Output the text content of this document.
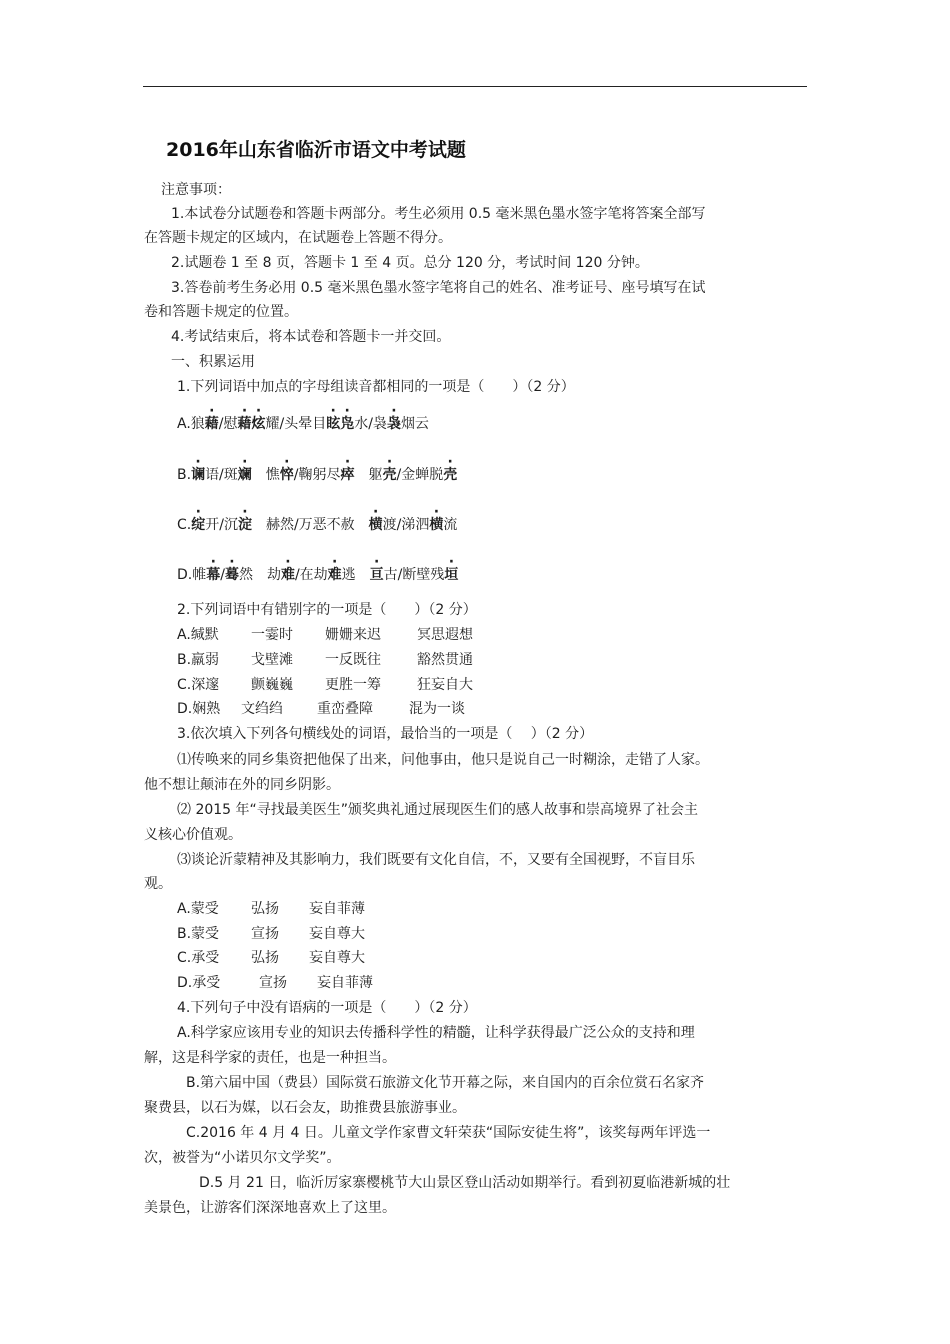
2016年山东省临沂市语文中考试题
注意事项：
1.本试卷分试题卷和答题卡两部分。考生必须用 0.5 毫米黑色墨水签字笔将答案全部写
在答题卡规定的区域内，在试题卷上答题不得分。
2.试题卷 1 至 8 页，答题卡 1 至 4 页。总分 120 分，考试时间 120 分钟。
3.答卷前考生务必用 0.5 毫米黑色墨水签字笔将自己的姓名、准考证号、座号填写在试
卷和答题卡规定的位置。
4.考试结束后，将本试卷和答题卡一并交回。
一、积累运用
1.下列词语中加点的字母组读音都相同的一项是（　　）（2 分）
A.狼藉/慰藉炫耀/头晕目眩凫水/袅袅烟云
B.谰语/斑斓　憔悴/鞠躬尽瘁　躯壳/金蝉脱壳
C.绽开/沉淀　赫然/万恶不赦　横渡/涕泗横流
D.帷幕/蓦然　劫难/在劫难逃　亘古/断壁残垣
2.下列词语中有错别字的一项是（　　）（2 分）
A.缄默 一霎时 姗姗来迟	冥思遐想
B.羸弱 戈壁滩 一反既往	豁然贯通
C.深邃 颤巍巍 更胜一筹	狂妄自大
D.娴熟 文绉绉 重峦叠障	混为一谈
3.依次填入下列各句横线处的词语，最恰当的一项是（　 ）（2 分）
⑴传唤来的同乡集资把他保了出来，问他事由，他只是说自己一时糊涂，走错了人家。
他不想让颠沛在外的同乡阴影。
⑵ 2015 年“寻找最美医生”颁奖典礼通过展现医生们的感人故事和崇高境界了社会主
义核心价值观。
⑶谈论沂蒙精神及其影响力，我们既要有文化自信，不，又要有全国视野，不盲目乐
观。
A.蒙受 弘扬 妄自菲薄
B.蒙受 宣扬 妄自尊大
C.承受 弘扬 妄自尊大
D.承受	宣扬 妄自菲薄
4.下列句子中没有语病的一项是（　　）（2 分）
A.科学家应该用专业的知识去传播科学性的精髓，让科学获得最广泛公众的支持和理
解，这是科学家的责任，也是一种担当。
B.第六届中国（费县）国际赏石旅游文化节开幕之际，来自国内的百余位赏石名家齐
聚费县，以石为媒，以石会友，助推费县旅游事业。
C.2016 年 4 月 4 日。儿童文学作家曹文轩荣获“国际安徒生将”，该奖每两年评选一
次，被誉为“小诺贝尔文学奖”。
D.5 月 21 日，临沂厉家寨樱桃节大山景区登山活动如期举行。看到初夏临港新城的壮
美景色，让游客们深深地喜欢上了这里。
